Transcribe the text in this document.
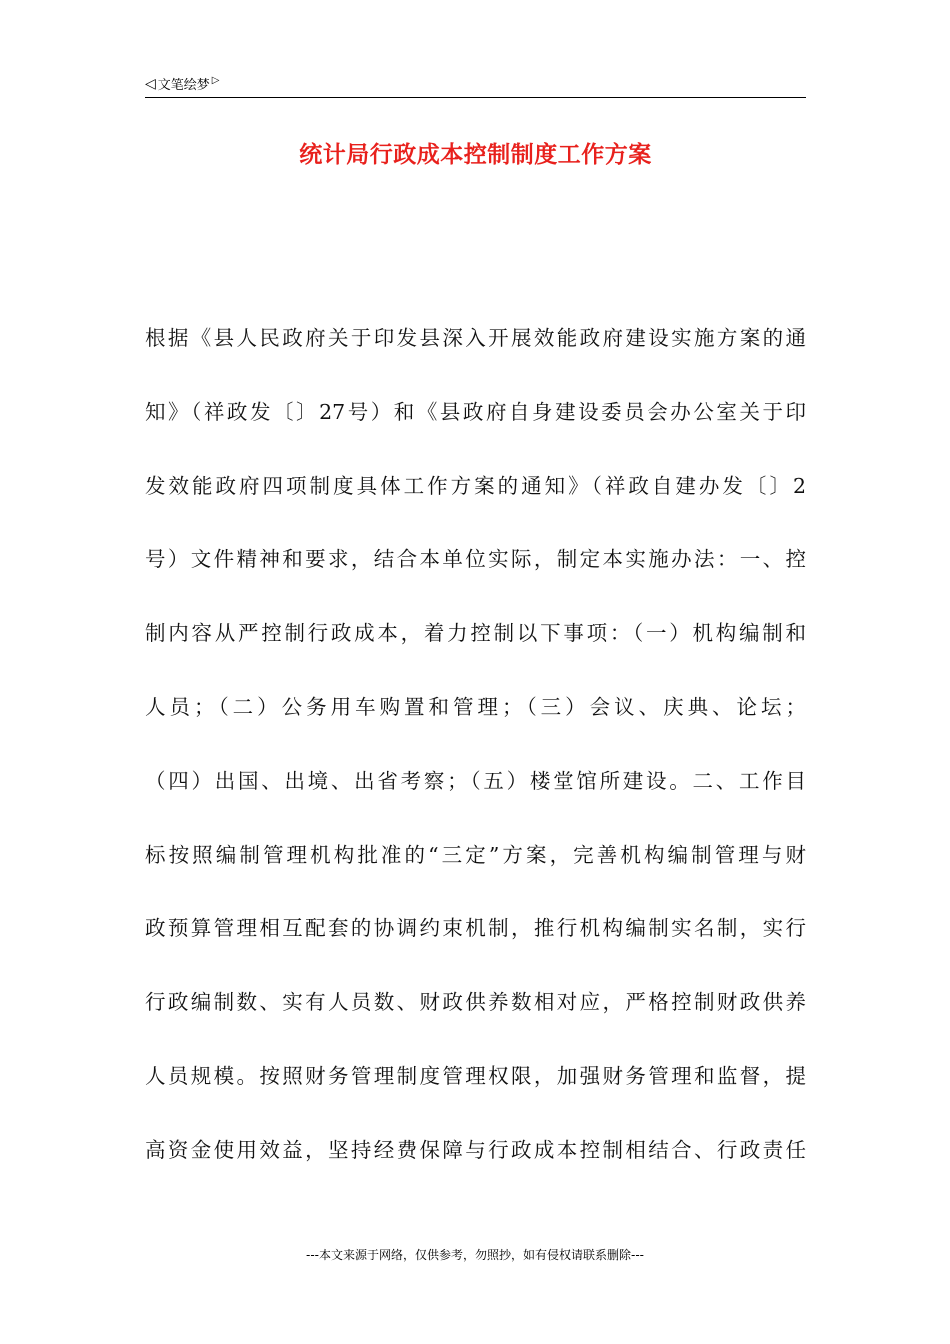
◁ 文笔绘梦 ▷
统计局行政成本控制制度工作方案
根据《县人民政府关于印发县深入开展效能政府建设实施方案的通
知》（祥政发〔〕27号）和《县政府自身建设委员会办公室关于印
发效能政府四项制度具体工作方案的通知》（祥政自建办发〔〕2
号）文件精神和要求，结合本单位实际，制定本实施办法：一、控
制内容从严控制行政成本，着力控制以下事项：（一）机构编制和
人员；（二）公务用车购置和管理；（三）会议、庆典、论坛；
（四）出国、出境、出省考察；（五）楼堂馆所建设。二、工作目
标按照编制管理机构批准的“三定”方案，完善机构编制管理与财
政预算管理相互配套的协调约束机制，推行机构编制实名制，实行
行政编制数、实有人员数、财政供养数相对应，严格控制财政供养
人员规模。按照财务管理制度管理权限，加强财务管理和监督，提
高资金使用效益，坚持经费保障与行政成本控制相结合、行政责任
---本文来源于网络，仅供参考，勿照抄，如有侵权请联系删除---
